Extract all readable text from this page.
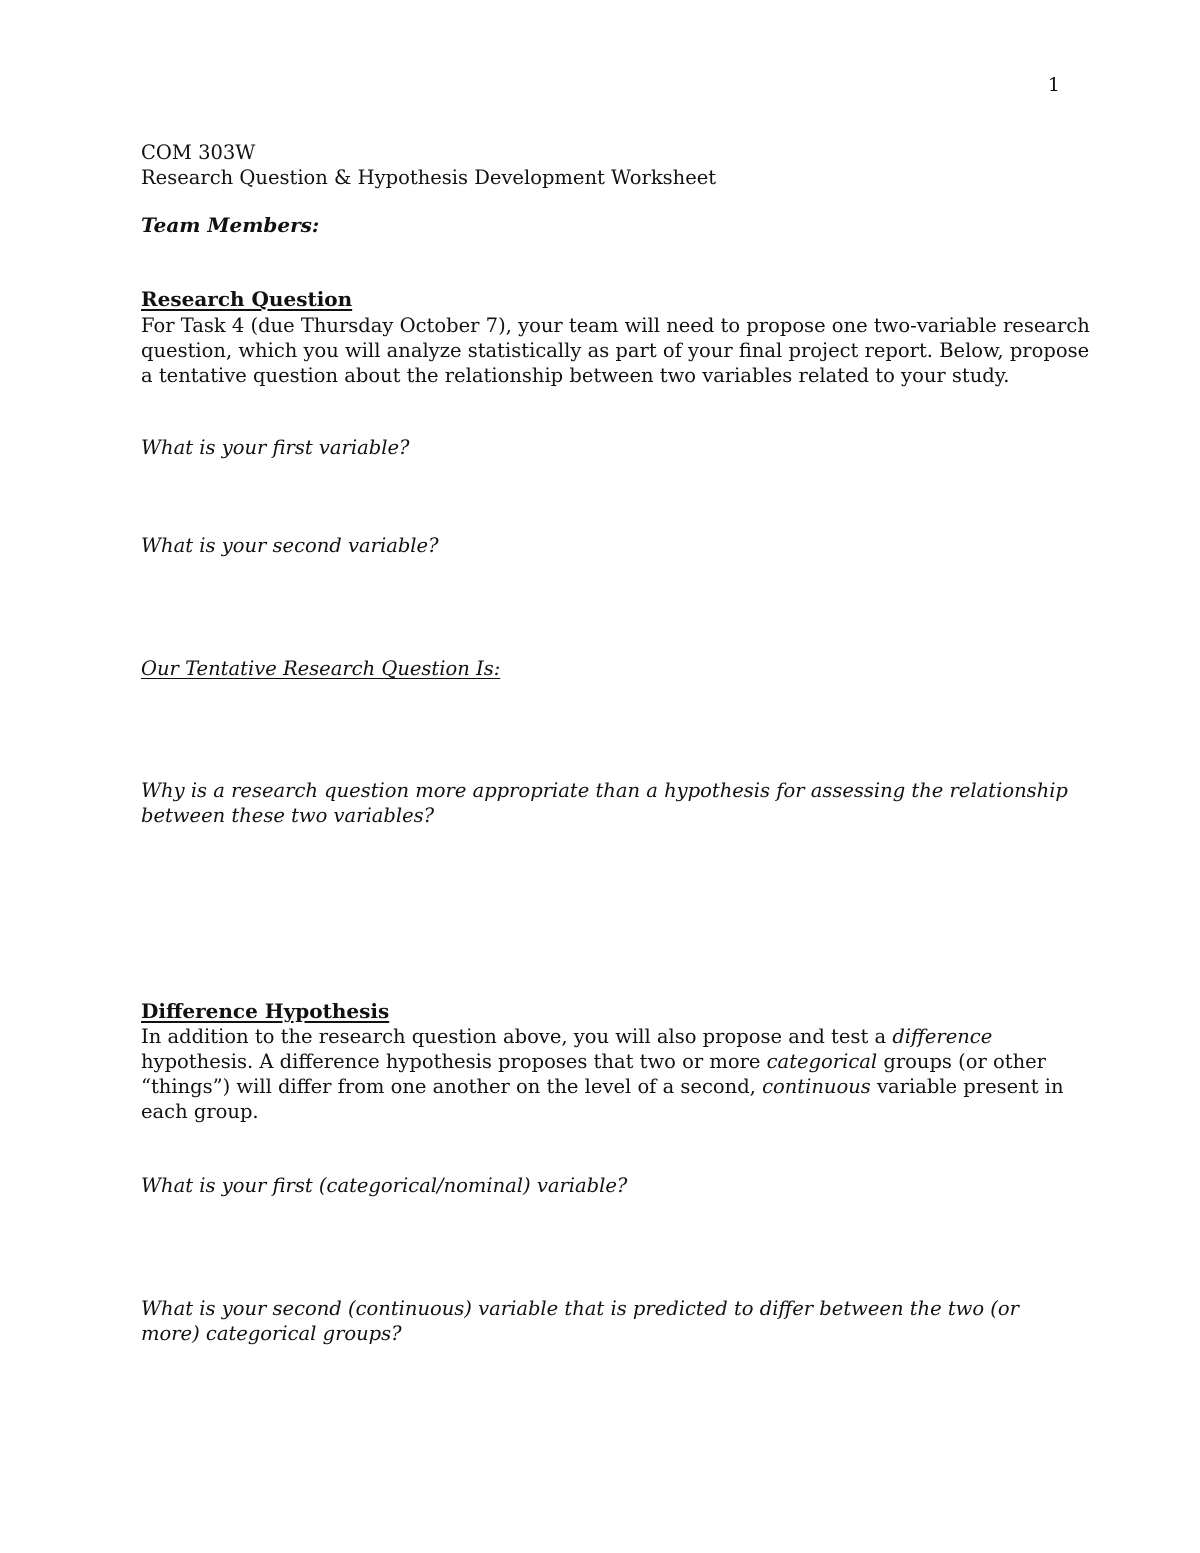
1
COM 303W
Research Question & Hypothesis Development Worksheet
Team Members:
Research Question
For Task 4 (due Thursday October 7), your team will need to propose one two-variable research
question, which you will analyze statistically as part of your final project report. Below, propose
a tentative question about the relationship between two variables related to your study.
What is your first variable?
What is your second variable?
Our Tentative Research Question Is:
Why is a research question more appropriate than a hypothesis for assessing the relationship
between these two variables?
Difference Hypothesis
In addition to the research question above, you will also propose and test a difference
hypothesis. A difference hypothesis proposes that two or more categorical groups (or other
“things”) will differ from one another on the level of a second, continuous variable present in
each group.
What is your first (categorical/nominal) variable?
What is your second (continuous) variable that is predicted to differ between the two (or
more) categorical groups?
